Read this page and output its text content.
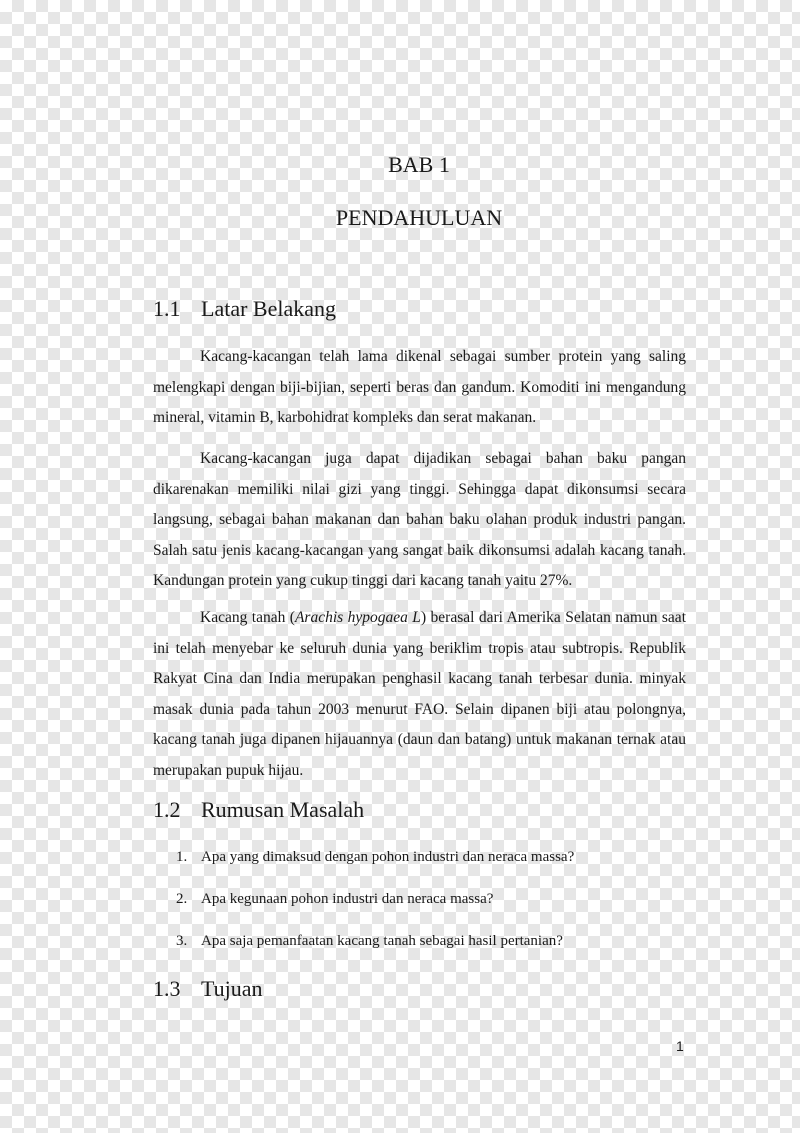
BAB 1
PENDAHULUAN
1.1 Latar Belakang

Kacang-kacangan telah lama dikenal sebagai sumber protein yang saling melengkapi dengan biji-bijian, seperti beras dan gandum. Komoditi ini mengandung mineral, vitamin B, karbohidrat kompleks dan serat makanan.

Kacang-kacangan juga dapat dijadikan sebagai bahan baku pangan dikarenakan memiliki nilai gizi yang tinggi. Sehingga dapat dikonsumsi secara langsung, sebagai bahan makanan dan bahan baku olahan produk industri pangan. Salah satu jenis kacang-kacangan yang sangat baik dikonsumsi adalah kacang tanah. Kandungan protein yang cukup tinggi dari kacang tanah yaitu 27%.

Kacang tanah (Arachis hypogaea L) berasal dari Amerika Selatan namun saat ini telah menyebar ke seluruh dunia yang beriklim tropis atau subtropis. Republik Rakyat Cina dan India merupakan penghasil kacang tanah terbesar dunia. minyak masak dunia pada tahun 2003 menurut FAO. Selain dipanen biji atau polongnya, kacang tanah juga dipanen hijauannya (daun dan batang) untuk makanan ternak atau merupakan pupuk hijau.

1.2 Rumusan Masalah
1. Apa yang dimaksud dengan pohon industri dan neraca massa?
2. Apa kegunaan pohon industri dan neraca massa?
3. Apa saja pemanfaatan kacang tanah sebagai hasil pertanian?
1.3 Tujuan
1
